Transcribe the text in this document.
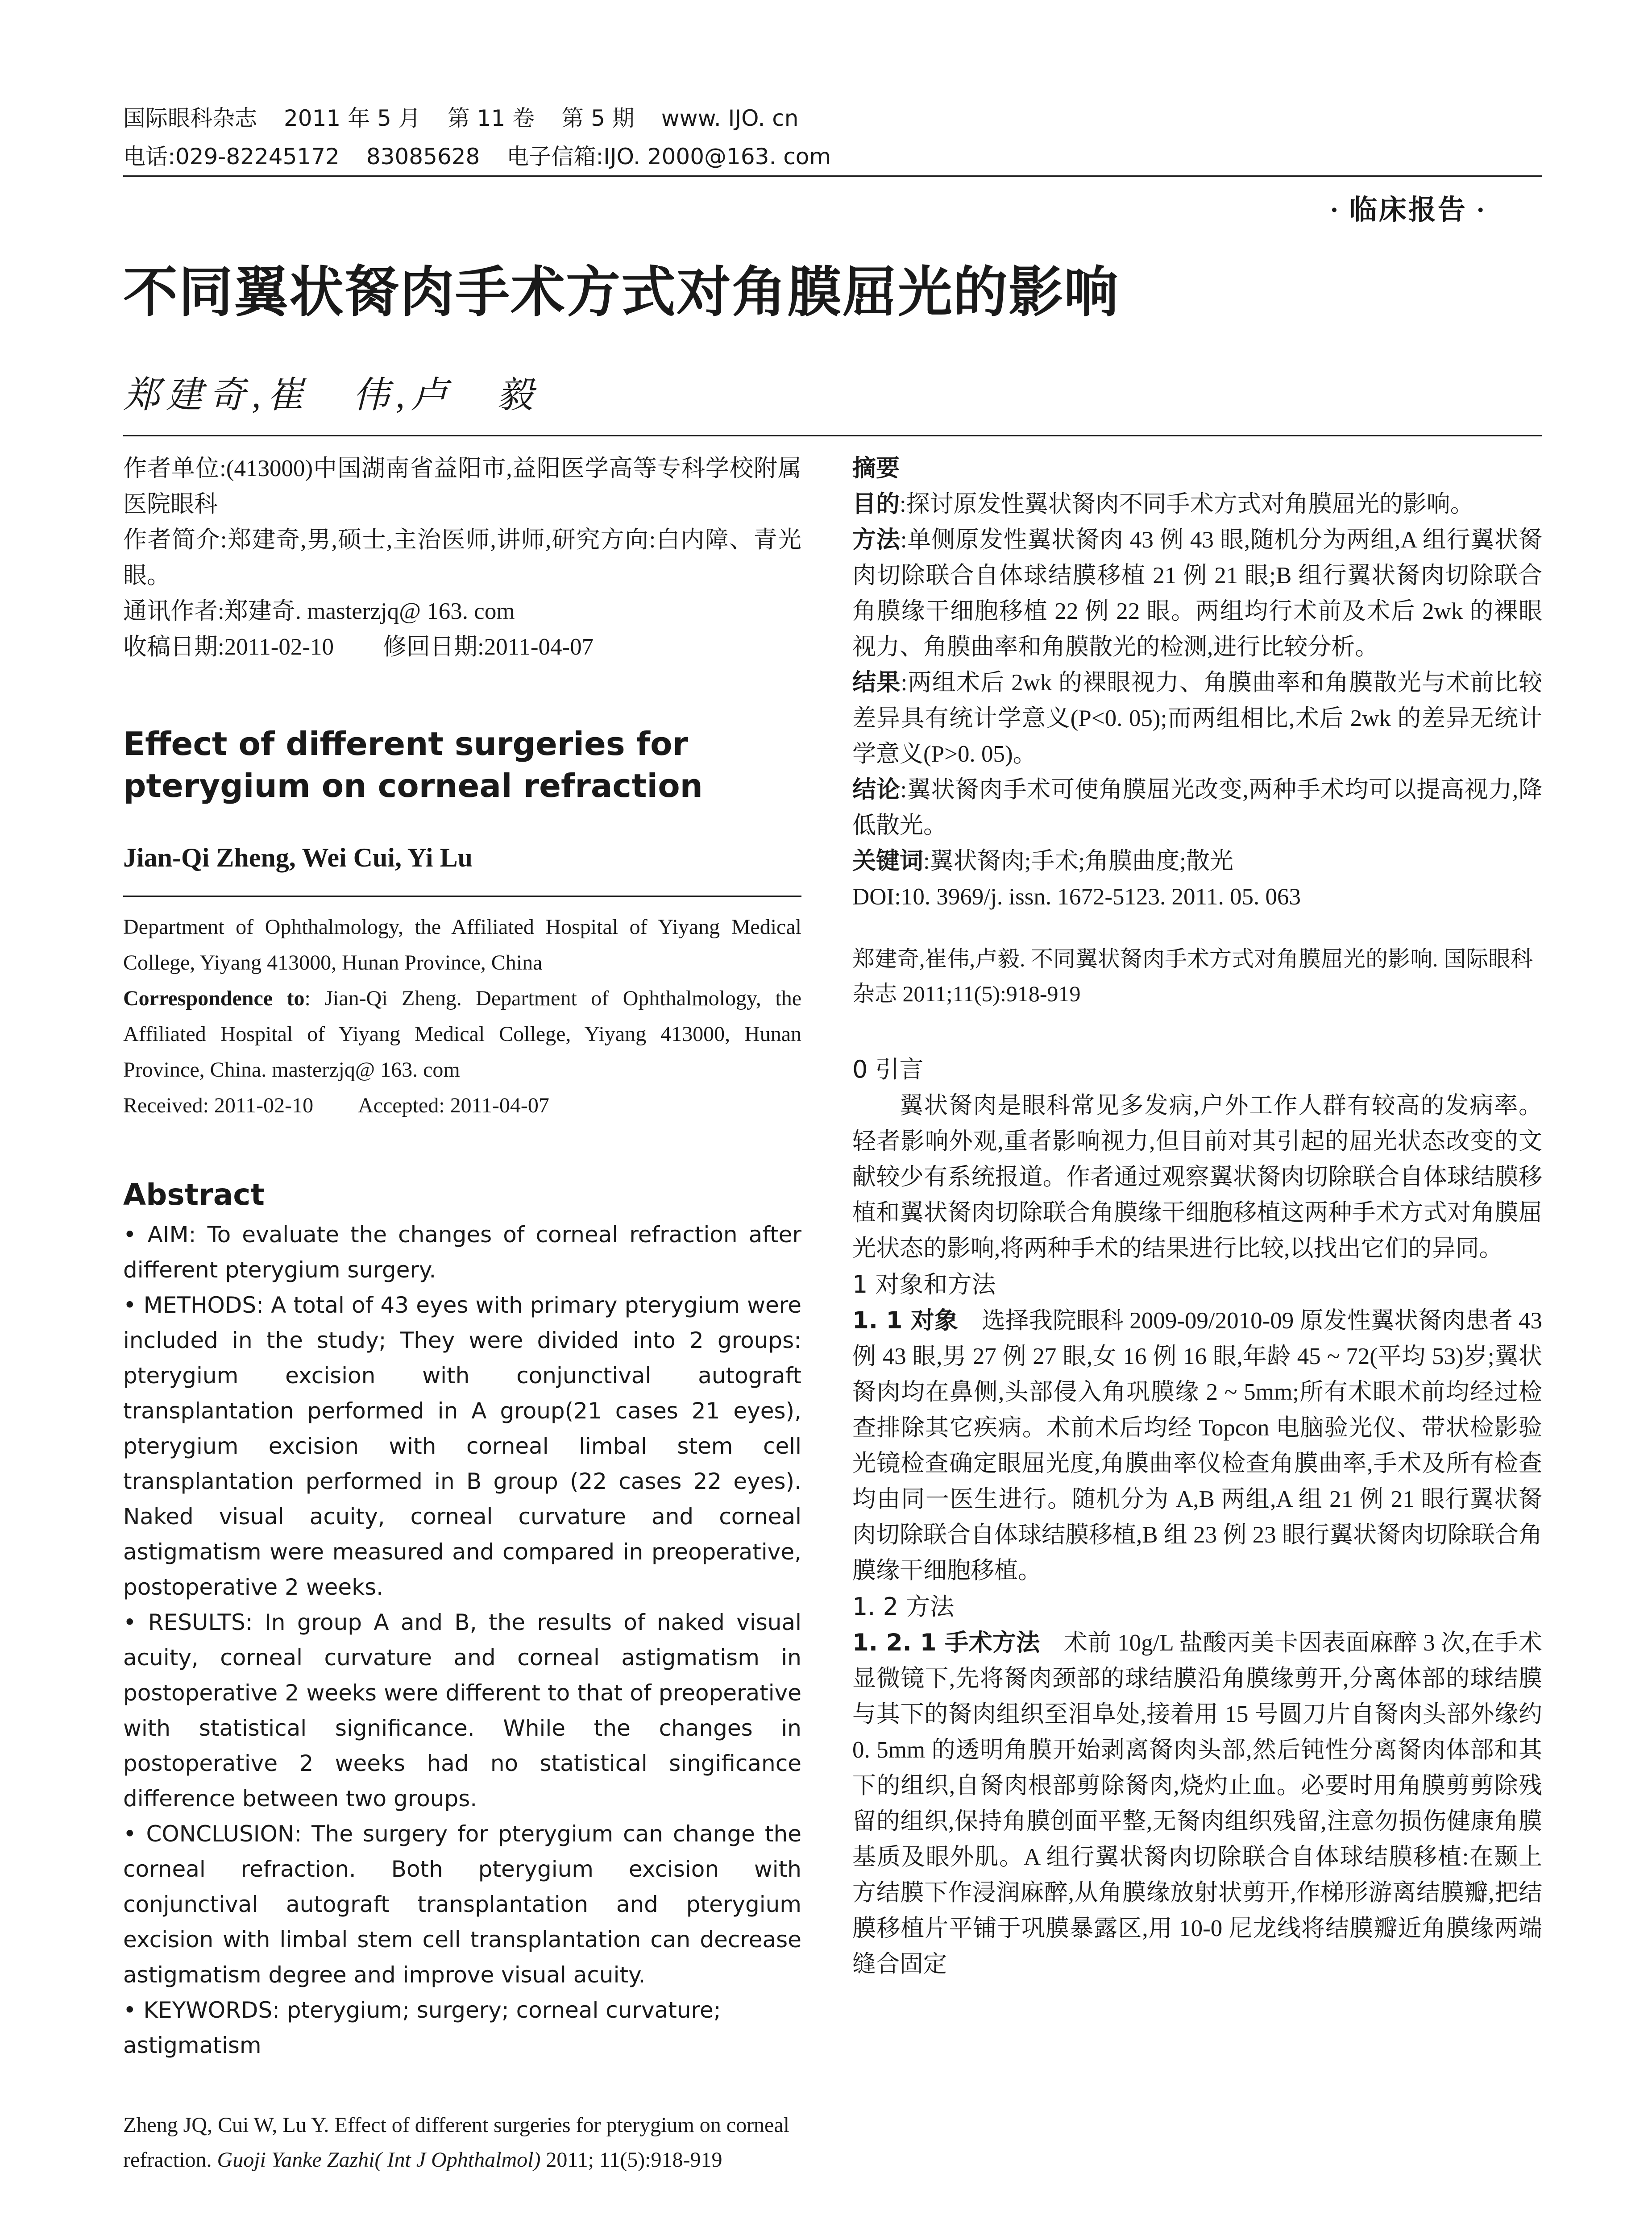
国际眼科杂志 2011 年 5 月 第 11 卷 第 5 期 www. IJO. cn
电话:029-82245172 83085628 电子信箱:IJO. 2000@163. com
· 临床报告 ·
不同翼状胬肉手术方式对角膜屈光的影响
郑建奇,崔　伟,卢　毅

作者单位:(413000)中国湖南省益阳市,益阳医学高等专科学校附属医院眼科

作者简介:郑建奇,男,硕士,主治医师,讲师,研究方向:白内障、青光眼。

通讯作者:郑建奇. masterzjq@ 163. com

收稿日期:2011-02-10 修回日期:2011-04-07

Effect of different surgeries for pterygium on corneal refraction

Jian-Qi Zheng, Wei Cui, Yi Lu

Department of Ophthalmology, the Affiliated Hospital of Yiyang Medical College, Yiyang 413000, Hunan Province, China

Correspondence to: Jian-Qi Zheng. Department of Ophthalmology, the Affiliated Hospital of Yiyang Medical College, Yiyang 413000, Hunan Province, China. masterzjq@ 163. com

Received: 2011-02-10 Accepted: 2011-04-07

Abstract

• AIM: To evaluate the changes of corneal refraction after different pterygium surgery.

• METHODS: A total of 43 eyes with primary pterygium were included in the study; They were divided into 2 groups: pterygium excision with conjunctival autograft transplantation performed in A group(21 cases 21 eyes), pterygium excision with corneal limbal stem cell transplantation performed in B group (22 cases 22 eyes). Naked visual acuity, corneal curvature and corneal astigmatism were measured and compared in preoperative, postoperative 2 weeks.

• RESULTS: In group A and B, the results of naked visual acuity, corneal curvature and corneal astigmatism in postoperative 2 weeks were different to that of preoperative with statistical significance. While the changes in postoperative 2 weeks had no statistical singificance difference between two groups.

• CONCLUSION: The surgery for pterygium can change the corneal refraction. Both pterygium excision with conjunctival autograft transplantation and pterygium excision with limbal stem cell transplantation can decrease astigmatism degree and improve visual acuity.

• KEYWORDS: pterygium; surgery; corneal curvature; astigmatism

Zheng JQ, Cui W, Lu Y. Effect of different surgeries for pterygium on corneal refraction. Guoji Yanke Zazhi( Int J Ophthalmol) 2011; 11(5):918-919

摘要

目的:探讨原发性翼状胬肉不同手术方式对角膜屈光的影响。

方法:单侧原发性翼状胬肉 43 例 43 眼,随机分为两组,A 组行翼状胬肉切除联合自体球结膜移植 21 例 21 眼;B 组行翼状胬肉切除联合角膜缘干细胞移植 22 例 22 眼。两组均行术前及术后 2wk 的裸眼视力、角膜曲率和角膜散光的检测,进行比较分析。

结果:两组术后 2wk 的裸眼视力、角膜曲率和角膜散光与术前比较差异具有统计学意义(P<0. 05);而两组相比,术后 2wk 的差异无统计学意义(P>0. 05)。

结论:翼状胬肉手术可使角膜屈光改变,两种手术均可以提高视力,降低散光。

关键词:翼状胬肉;手术;角膜曲度;散光

DOI:10. 3969/j. issn. 1672-5123. 2011. 05. 063

郑建奇,崔伟,卢毅. 不同翼状胬肉手术方式对角膜屈光的影响. 国际眼科杂志 2011;11(5):918-919

0 引言

翼状胬肉是眼科常见多发病,户外工作人群有较高的发病率。轻者影响外观,重者影响视力,但目前对其引起的屈光状态改变的文献较少有系统报道。作者通过观察翼状胬肉切除联合自体球结膜移植和翼状胬肉切除联合角膜缘干细胞移植这两种手术方式对角膜屈光状态的影响,将两种手术的结果进行比较,以找出它们的异同。

1 对象和方法

1. 1 对象　选择我院眼科 2009-09/2010-09 原发性翼状胬肉患者 43 例 43 眼,男 27 例 27 眼,女 16 例 16 眼,年龄 45 ~ 72(平均 53)岁;翼状胬肉均在鼻侧,头部侵入角巩膜缘 2 ~ 5mm;所有术眼术前均经过检查排除其它疾病。术前术后均经 Topcon 电脑验光仪、带状检影验光镜检查确定眼屈光度,角膜曲率仪检查角膜曲率,手术及所有检查均由同一医生进行。随机分为 A,B 两组,A 组 21 例 21 眼行翼状胬肉切除联合自体球结膜移植,B 组 23 例 23 眼行翼状胬肉切除联合角膜缘干细胞移植。

1. 2 方法

1. 2. 1 手术方法　术前 10g/L 盐酸丙美卡因表面麻醉 3 次,在手术显微镜下,先将胬肉颈部的球结膜沿角膜缘剪开,分离体部的球结膜与其下的胬肉组织至泪阜处,接着用 15 号圆刀片自胬肉头部外缘约 0. 5mm 的透明角膜开始剥离胬肉头部,然后钝性分离胬肉体部和其下的组织,自胬肉根部剪除胬肉,烧灼止血。必要时用角膜剪剪除残留的组织,保持角膜创面平整,无胬肉组织残留,注意勿损伤健康角膜基质及眼外肌。A 组行翼状胬肉切除联合自体球结膜移植:在颞上方结膜下作浸润麻醉,从角膜缘放射状剪开,作梯形游离结膜瓣,把结膜移植片平铺于巩膜暴露区,用 10-0 尼龙线将结膜瓣近角膜缘两端缝合固定
